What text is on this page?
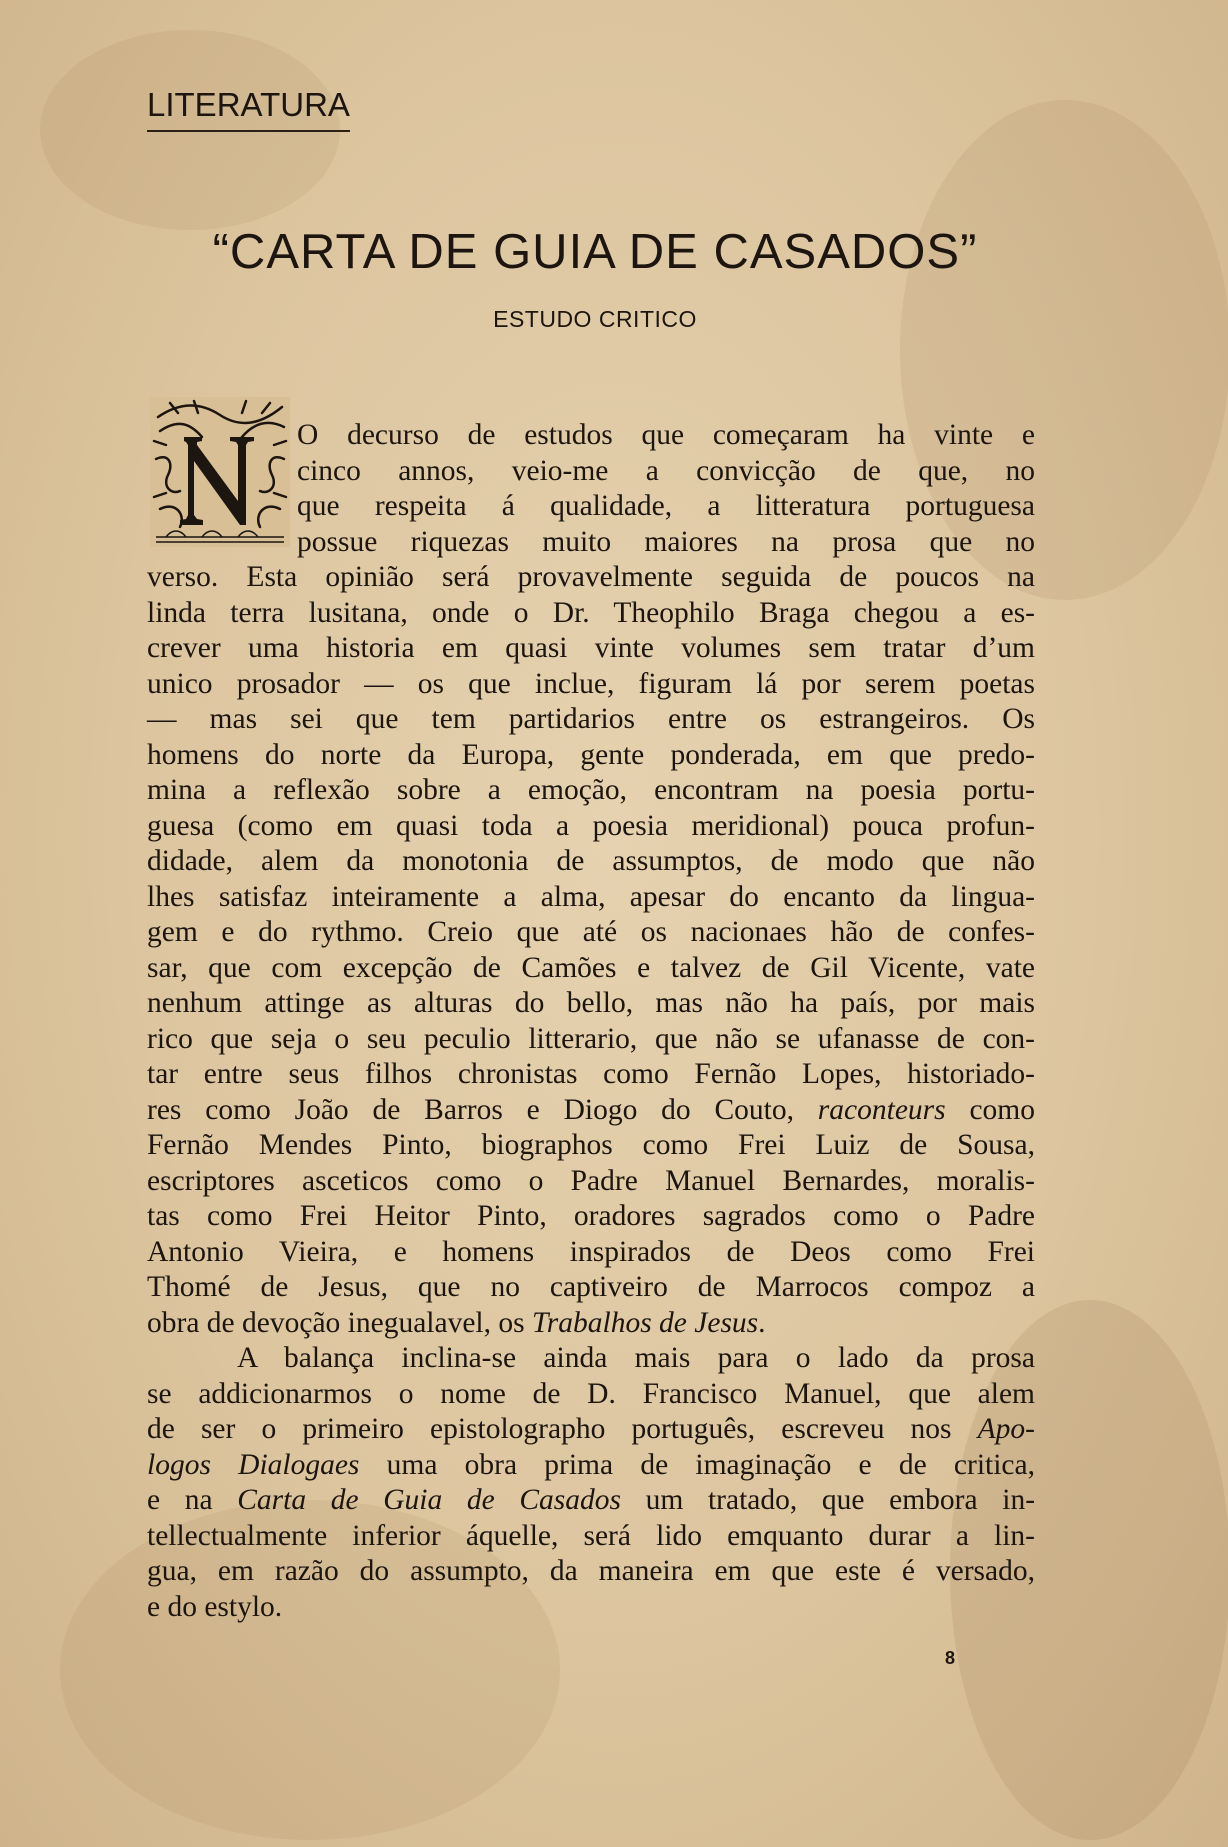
LITERATURA
“CARTA DE GUIA DE CASADOS”
ESTUDO CRITICO
O decurso de estudos que começaram ha vinte e
cinco annos, veio-me a convicção de que, no
que respeita á qualidade, a litteratura portuguesa
possue riquezas muito maiores na prosa que no
verso. Esta opinião será provavelmente seguida de poucos na
linda terra lusitana, onde o Dr. Theophilo Braga chegou a es-
crever uma historia em quasi vinte volumes sem tratar d’um
unico prosador — os que inclue, figuram lá por serem poetas
— mas sei que tem partidarios entre os estrangeiros. Os
homens do norte da Europa, gente ponderada, em que predo-
mina a reflexão sobre a emoção, encontram na poesia portu-
guesa (como em quasi toda a poesia meridional) pouca profun-
didade, alem da monotonia de assumptos, de modo que não
lhes satisfaz inteiramente a alma, apesar do encanto da lingua-
gem e do rythmo. Creio que até os nacionaes hão de confes-
sar, que com excepção de Camões e talvez de Gil Vicente, vate
nenhum attinge as alturas do bello, mas não ha país, por mais
rico que seja o seu peculio litterario, que não se ufanasse de con-
tar entre seus filhos chronistas como Fernão Lopes, historiado-
res como João de Barros e Diogo do Couto, raconteurs como
Fernão Mendes Pinto, biographos como Frei Luiz de Sousa,
escriptores asceticos como o Padre Manuel Bernardes, moralis-
tas como Frei Heitor Pinto, oradores sagrados como o Padre
Antonio Vieira, e homens inspirados de Deos como Frei
Thomé de Jesus, que no captiveiro de Marrocos compoz a
obra de devoção inegualavel, os Trabalhos de Jesus.
A balança inclina-se ainda mais para o lado da prosa
se addicionarmos o nome de D. Francisco Manuel, que alem
de ser o primeiro epistolographo português, escreveu nos Apo-
logos Dialogaes uma obra prima de imaginação e de critica,
e na Carta de Guia de Casados um tratado, que embora in-
tellectualmente inferior áquelle, será lido emquanto durar a lin-
gua, em razão do assumpto, da maneira em que este é versado,
e do estylo.
8
